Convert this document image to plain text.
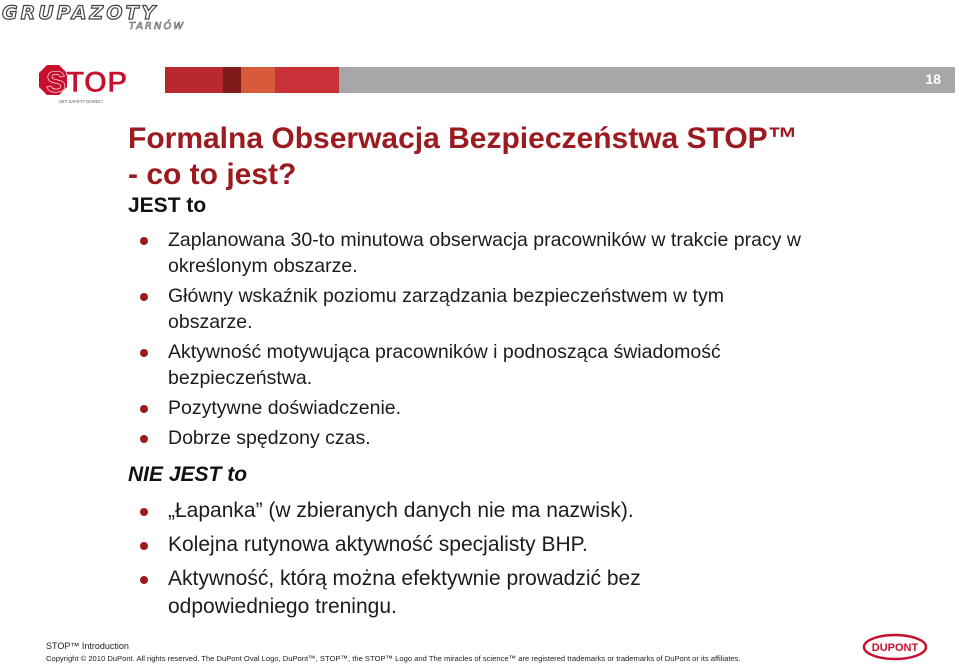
GRUPAZOTY
TARNÓW
STOP
SET SAFETY DOING?
18
Formalna Obserwacja Bezpieczeństwa STOP™
- co to jest?
JEST to
Zaplanowana 30-to minutowa obserwacja pracowników w trakcie pracy w
określonym obszarze.
Główny wskaźnik poziomu zarządzania bezpieczeństwem w tym
obszarze.
Aktywność motywująca pracowników i podnosząca świadomość
bezpieczeństwa.
Pozytywne doświadczenie.
Dobrze spędzony czas.
NIE JEST to
„Łapanka” (w zbieranych danych nie ma nazwisk).
Kolejna rutynowa aktywność specjalisty BHP.
Aktywność, którą można efektywnie prowadzić bez
odpowiedniego treningu.
STOP™ Introduction
Copyright © 2010 DuPont. All rights reserved. The DuPont Oval Logo, DuPont™, STOP™, the STOP™ Logo and The miracles of science™ are registered trademarks or trademarks of DuPont or its affiliates.
DUPONT
